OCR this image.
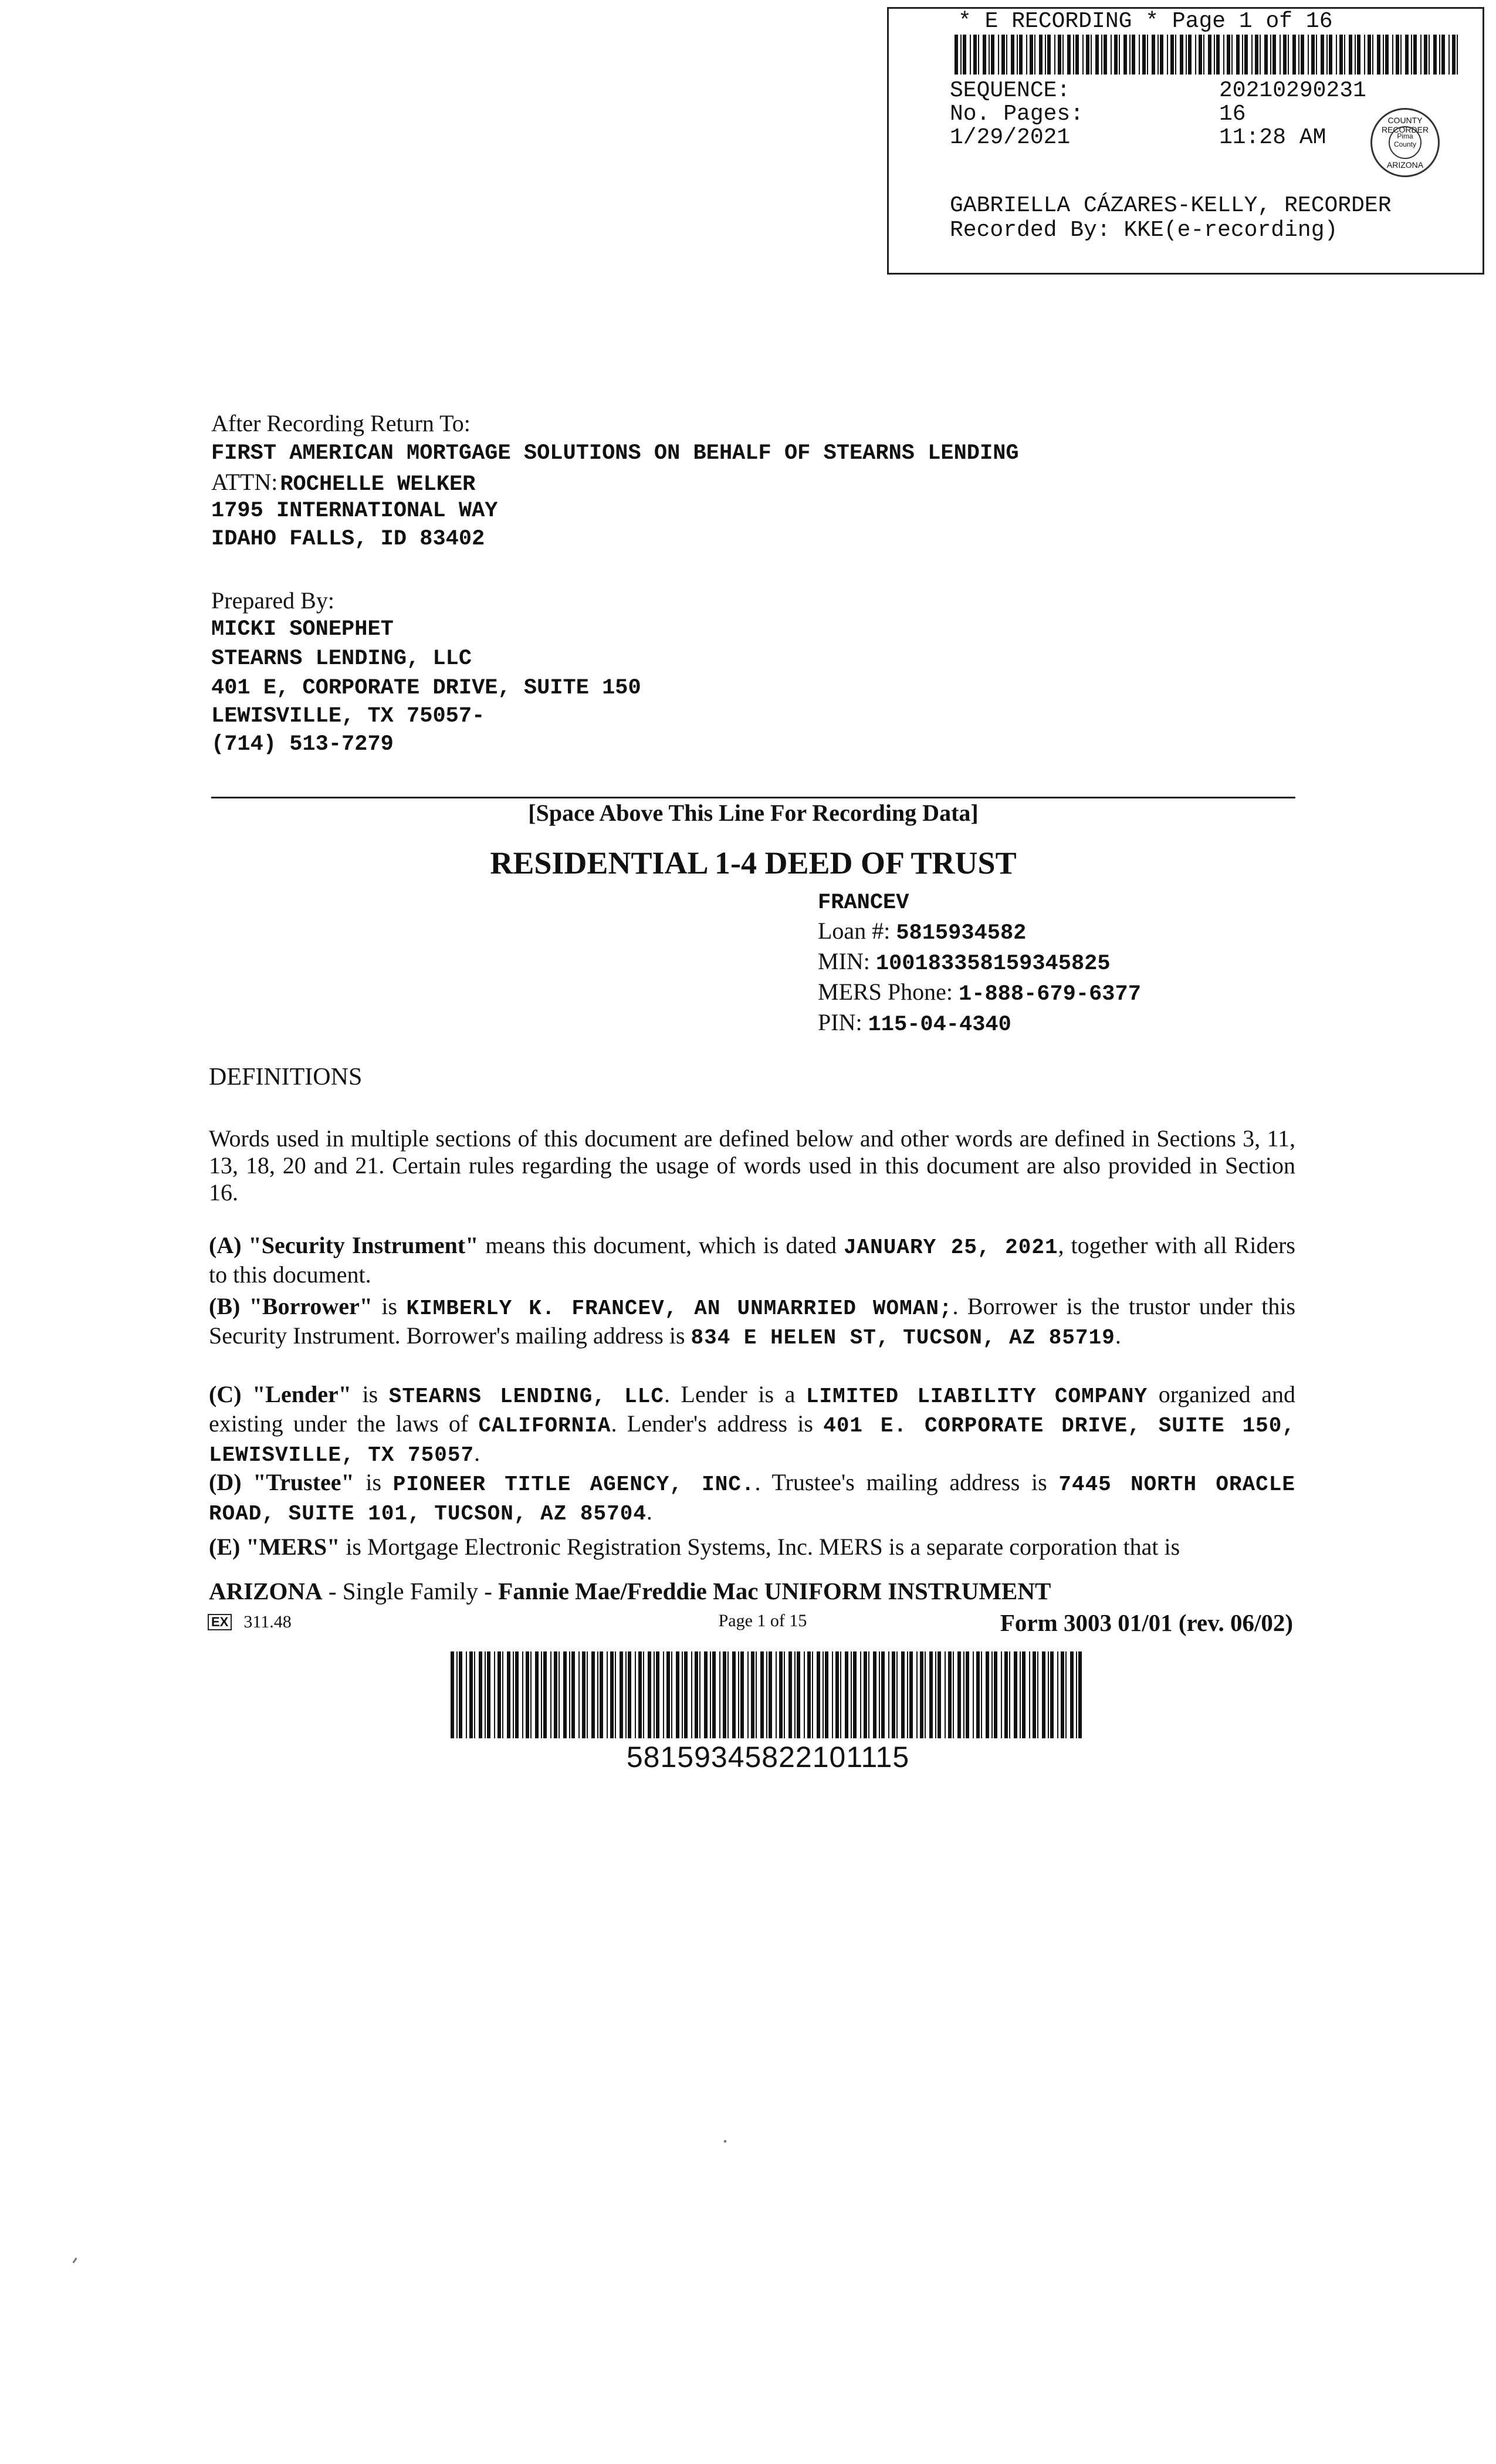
* E RECORDING * Page 1 of 16
SEQUENCE:	20210290231
No. Pages:	16
1/29/2021	11:28 AM
GABRIELLA CÁZARES-KELLY, RECORDER
Recorded By: KKE(e-recording)
COUNTY RECORDER
Pima County
ARIZONA
After Recording Return To:
FIRST AMERICAN MORTGAGE SOLUTIONS ON BEHALF OF STEARNS LENDING
ATTN: ROCHELLE WELKER
1795 INTERNATIONAL WAY
IDAHO FALLS, ID 83402
Prepared By:
MICKI SONEPHET
STEARNS LENDING, LLC
401 E, CORPORATE DRIVE, SUITE 150
LEWISVILLE, TX 75057-
(714) 513-7279
[Space Above This Line For Recording Data]
RESIDENTIAL 1-4 DEED OF TRUST
FRANCEV
Loan #: 5815934582
MIN: 100183358159345825
MERS Phone: 1-888-679-6377
PIN: 115-04-4340
DEFINITIONS
Words used in multiple sections of this document are defined below and other words are defined in Sections 3, 11, 13, 18, 20 and 21. Certain rules regarding the usage of words used in this document are also provided in Section 16.
(A) "Security Instrument" means this document, which is dated JANUARY 25, 2021, together with all Riders to this document.
(B) "Borrower" is KIMBERLY K. FRANCEV, AN UNMARRIED WOMAN;. Borrower is the trustor under this Security Instrument. Borrower's mailing address is 834 E HELEN ST, TUCSON, AZ 85719.
(C) "Lender" is STEARNS LENDING, LLC. Lender is a LIMITED LIABILITY COMPANY organized and existing under the laws of CALIFORNIA. Lender's address is 401 E. CORPORATE DRIVE, SUITE 150, LEWISVILLE, TX 75057.
(D) "Trustee" is PIONEER TITLE AGENCY, INC.. Trustee's mailing address is 7445 NORTH ORACLE ROAD, SUITE 101, TUCSON, AZ 85704.
(E) "MERS" is Mortgage Electronic Registration Systems, Inc. MERS is a separate corporation that is
ARIZONA - Single Family - Fannie Mae/Freddie Mac UNIFORM INSTRUMENT
EX 311.48	Page 1 of 15	Form 3003 01/01 (rev. 06/02)
58159345822101115
